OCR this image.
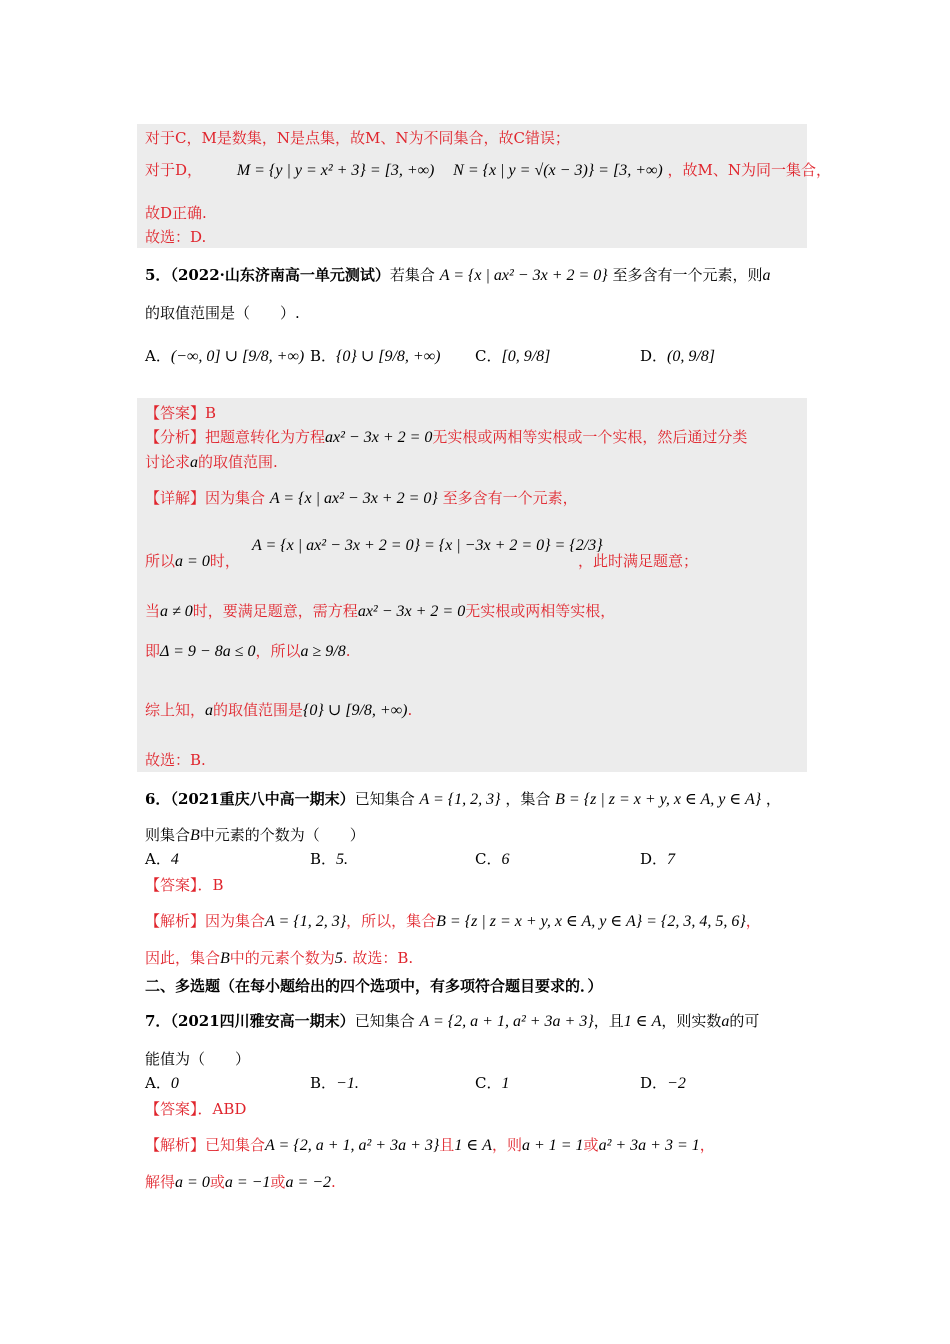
对于C，M是数集，N是点集，故M、N为不同集合，故C错误；
对于D， M = {y | y = x² + 3} = [3, +∞) N = {x | y = √(x − 3)} = [3, +∞) ，故M、N为同一集合，
故D正确.
故选：D.
5．（2022·山东济南高一单元测试）若集合 A = {x | ax² − 3x + 2 = 0} 至多含有一个元素，则a
的取值范围是（　　）.
A．(−∞, 0] ∪ [9/8, +∞) B．{0} ∪ [9/8, +∞) C．[0, 9/8]	D．(0, 9/8]
【答案】B
【分析】把题意转化为方程ax² − 3x + 2 = 0无实根或两相等实根或一个实根，然后通过分类
讨论求a的取值范围.
【详解】因为集合 A = {x | ax² − 3x + 2 = 0} 至多含有一个元素，
所以a = 0时，
A = {x | ax² − 3x + 2 = 0} = {x | −3x + 2 = 0} = {2/3}
，此时满足题意；
当a ≠ 0时，要满足题意，需方程ax² − 3x + 2 = 0无实根或两相等实根，
即Δ = 9 − 8a ≤ 0，所以a ≥ 9/8.
综上知，a的取值范围是{0} ∪ [9/8, +∞).
故选：B.
6．（2021重庆八中高一期末）已知集合 A = {1, 2, 3} ，集合 B = {z | z = x + y, x ∈ A, y ∈ A} ，
则集合B中元素的个数为（　　）
A．4	B．5.	C．6	D．7
【答案】．B
【解析】因为集合A = {1, 2, 3}，所以，集合B = {z | z = x + y, x ∈ A, y ∈ A} = {2, 3, 4, 5, 6}，
因此，集合B中的元素个数为5. 故选：B.
二、多选题（在每小题给出的四个选项中，有多项符合题目要求的．）
7．（2021四川雅安高一期末）已知集合 A = {2, a + 1, a² + 3a + 3}，且1 ∈ A，则实数a的可
能值为（　　）
A．0	B．−1.	C．1	D．−2
【答案】．ABD
【解析】已知集合A = {2, a + 1, a² + 3a + 3}且1 ∈ A，则a + 1 = 1或a² + 3a + 3 = 1，
解得a = 0或a = −1或a = −2.
